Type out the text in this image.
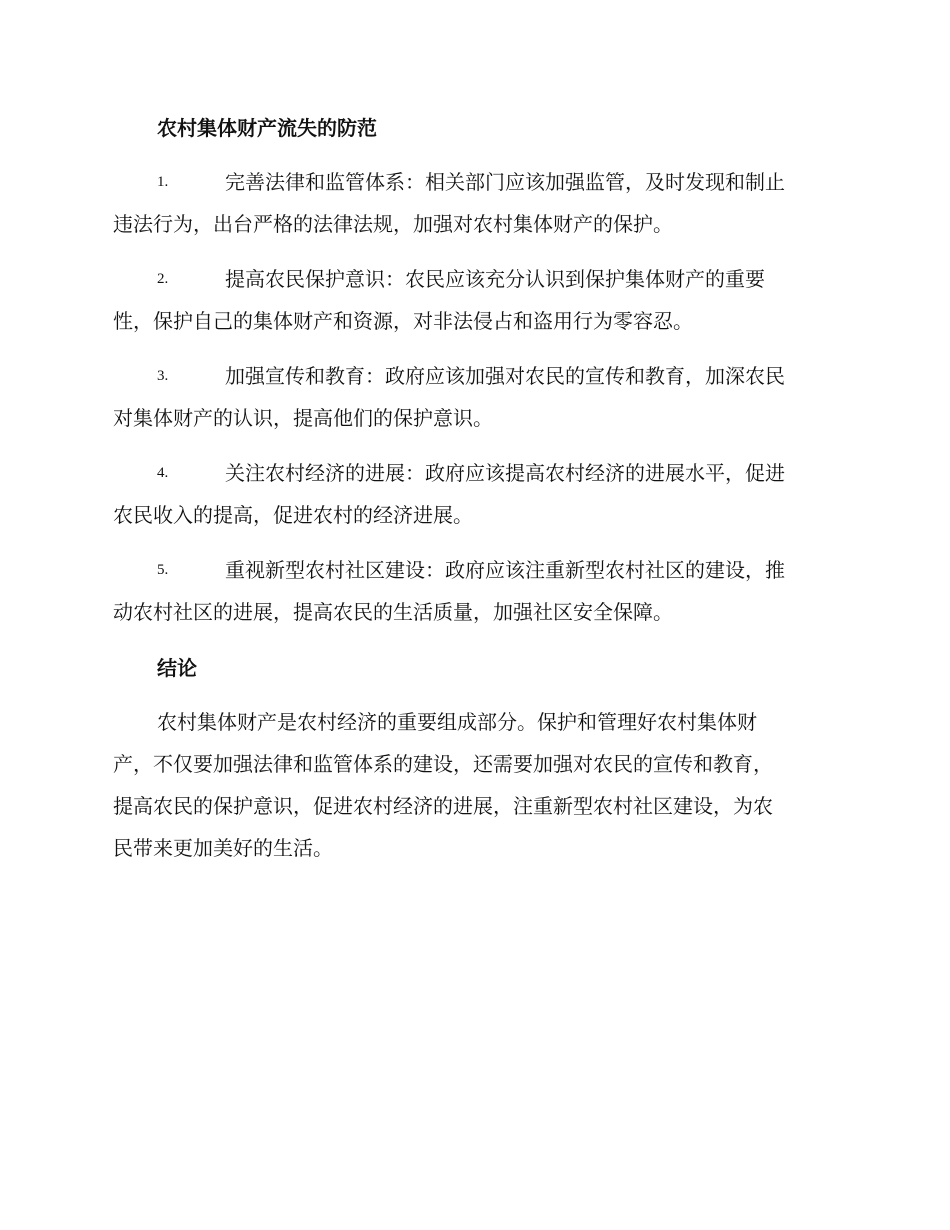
农村集体财产流失的防范
1.	完善法律和监管体系：相关部门应该加强监管，及时发现和制止
违法行为，出台严格的法律法规，加强对农村集体财产的保护。
2.	提高农民保护意识：农民应该充分认识到保护集体财产的重要
性，保护自己的集体财产和资源，对非法侵占和盗用行为零容忍。
3.	加强宣传和教育：政府应该加强对农民的宣传和教育，加深农民
对集体财产的认识，提高他们的保护意识。
4.	关注农村经济的进展：政府应该提高农村经济的进展水平，促进
农民收入的提高，促进农村的经济进展。
5.	重视新型农村社区建设：政府应该注重新型农村社区的建设，推
动农村社区的进展，提高农民的生活质量，加强社区安全保障。
结论
农村集体财产是农村经济的重要组成部分。保护和管理好农村集体财
产，不仅要加强法律和监管体系的建设，还需要加强对农民的宣传和教育，
提高农民的保护意识，促进农村经济的进展，注重新型农村社区建设，为农
民带来更加美好的生活。
